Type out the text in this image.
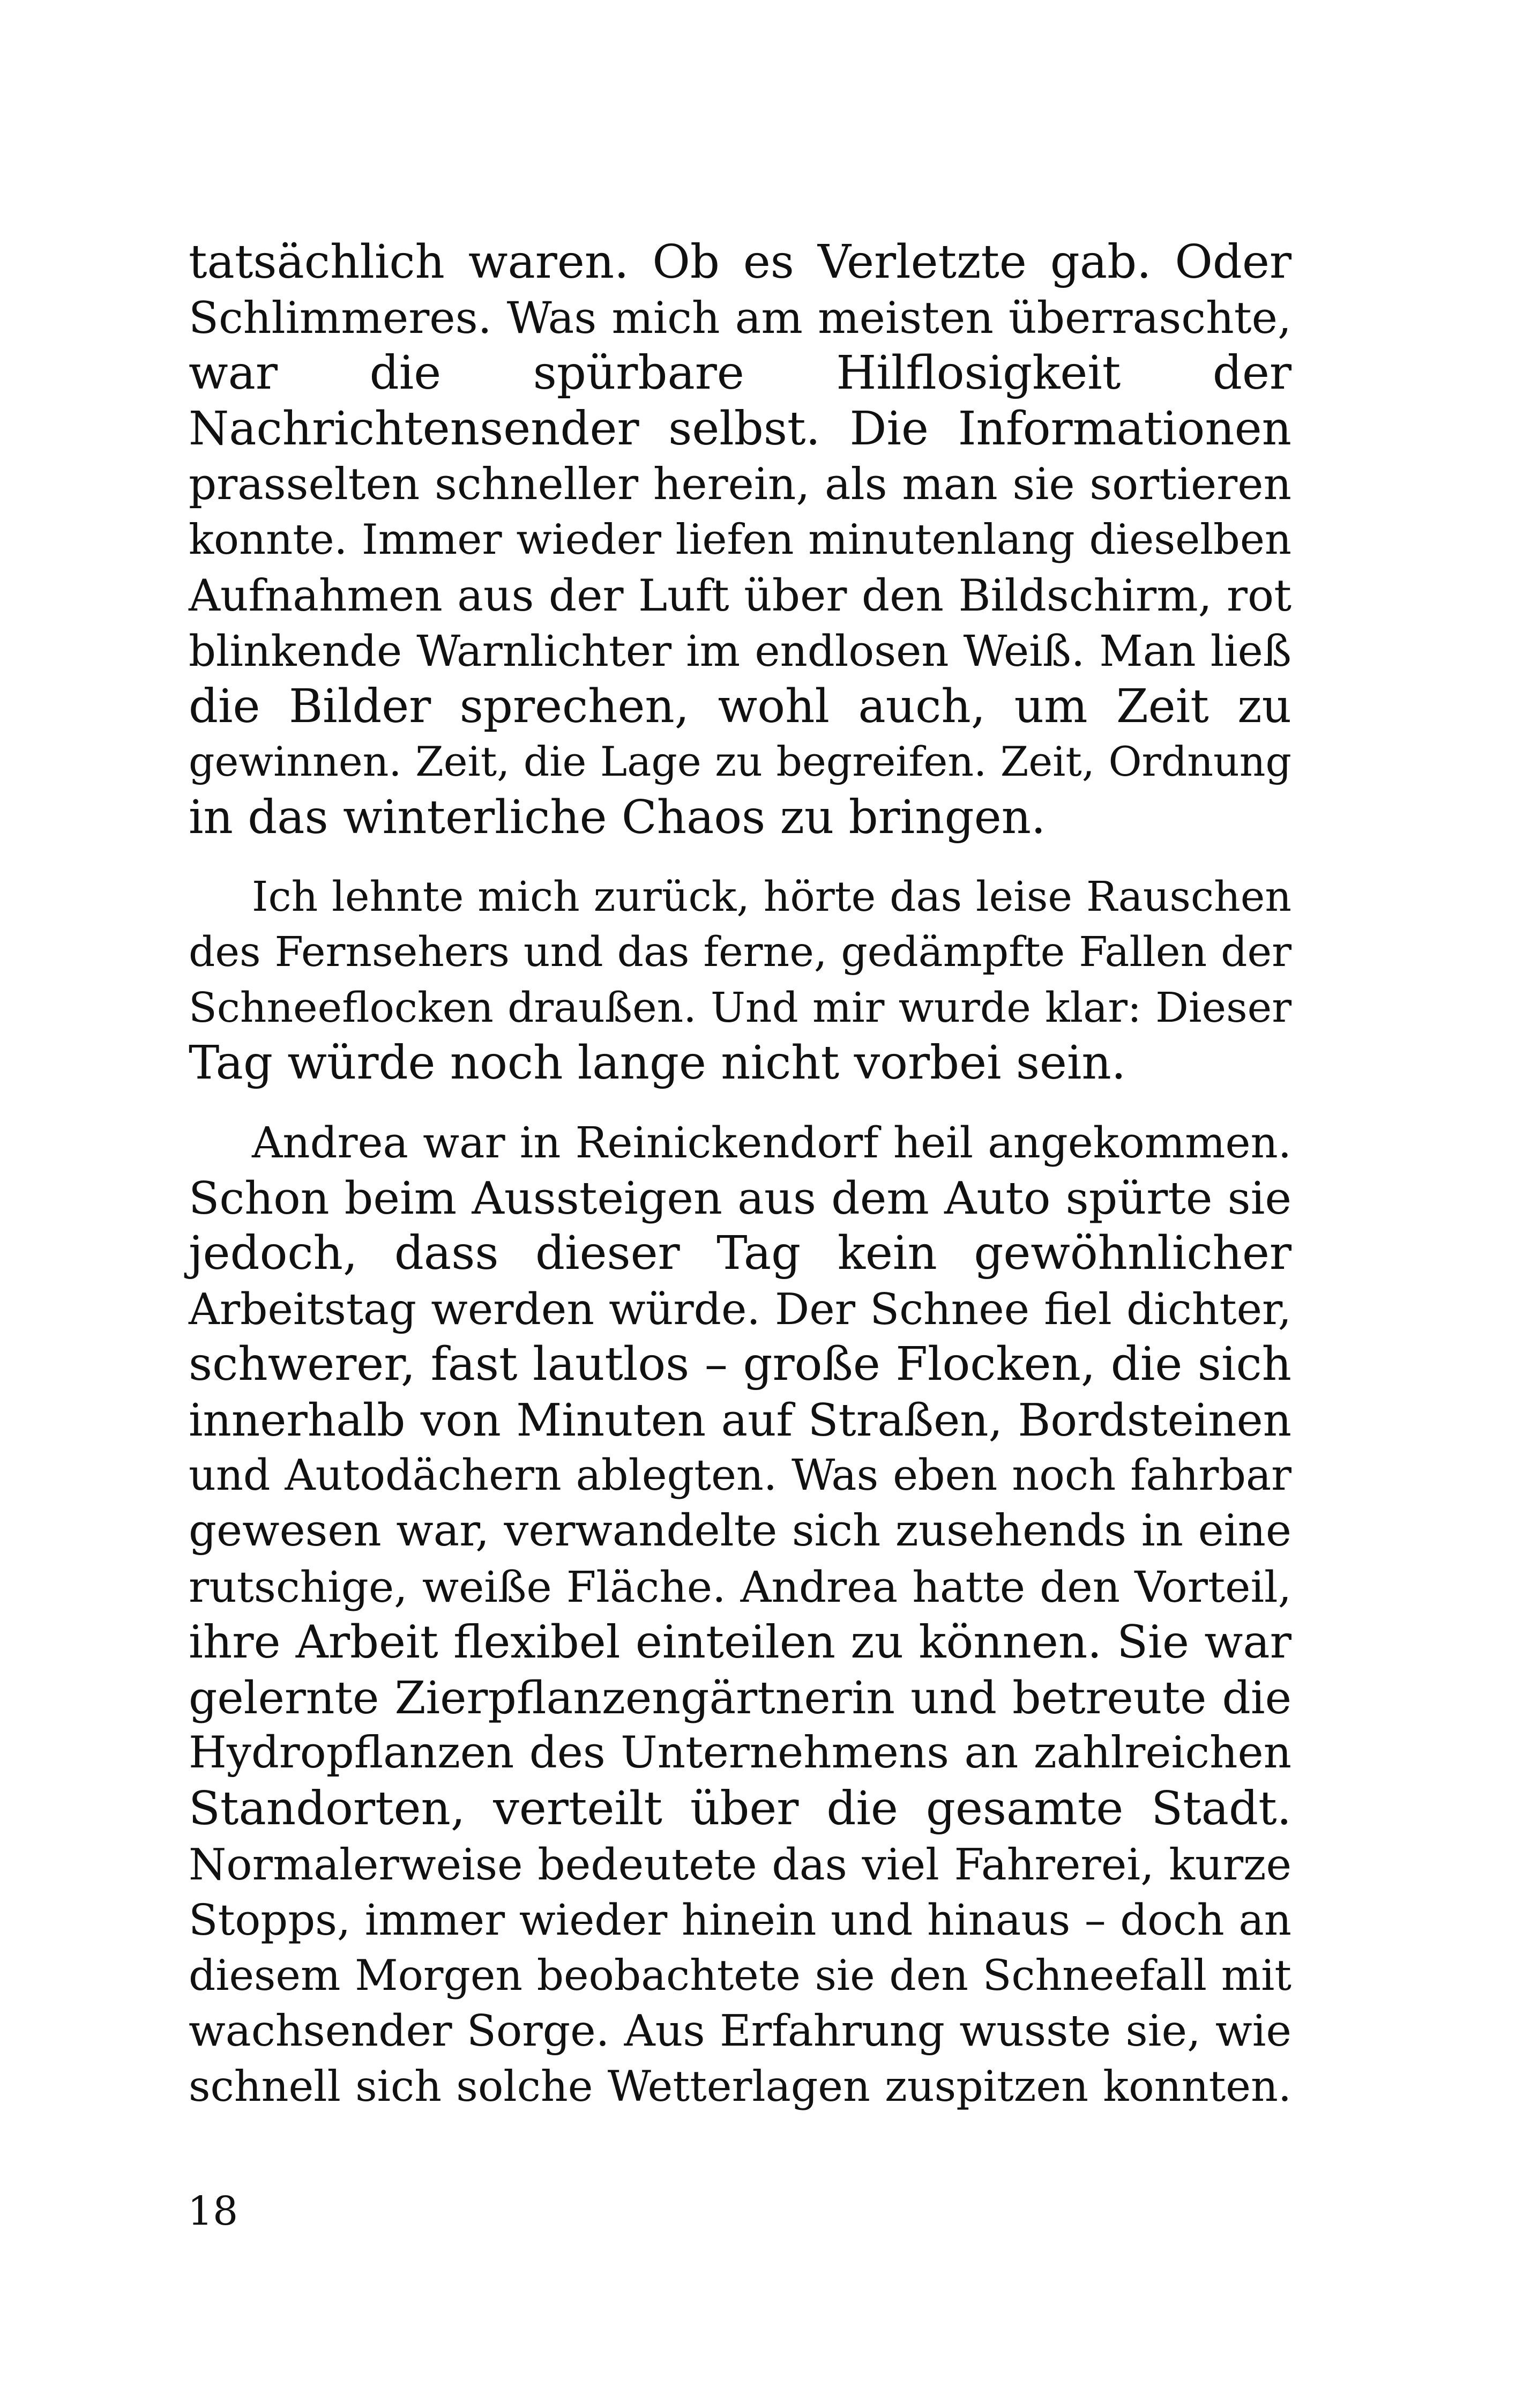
tatsächlich waren. Ob es Verletzte gab. Oder
Schlimmeres. Was mich am meisten überraschte,
war die spürbare Hilflosigkeit der
Nachrichtensender selbst. Die Informationen
prasselten schneller herein, als man sie sortieren
konnte. Immer wieder liefen minutenlang dieselben
Aufnahmen aus der Luft über den Bildschirm, rot
blinkende Warnlichter im endlosen Weiß. Man ließ
die Bilder sprechen, wohl auch, um Zeit zu
gewinnen. Zeit, die Lage zu begreifen. Zeit, Ordnung
in das winterliche Chaos zu bringen.
Ich lehnte mich zurück, hörte das leise Rauschen
des Fernsehers und das ferne, gedämpfte Fallen der
Schneeflocken draußen. Und mir wurde klar: Dieser
Tag würde noch lange nicht vorbei sein.
Andrea war in Reinickendorf heil angekommen.
Schon beim Aussteigen aus dem Auto spürte sie
jedoch, dass dieser Tag kein gewöhnlicher
Arbeitstag werden würde. Der Schnee fiel dichter,
schwerer, fast lautlos – große Flocken, die sich
innerhalb von Minuten auf Straßen, Bordsteinen
und Autodächern ablegten. Was eben noch fahrbar
gewesen war, verwandelte sich zusehends in eine
rutschige, weiße Fläche. Andrea hatte den Vorteil,
ihre Arbeit flexibel einteilen zu können. Sie war
gelernte Zierpflanzengärtnerin und betreute die
Hydropflanzen des Unternehmens an zahlreichen
Standorten, verteilt über die gesamte Stadt.
Normalerweise bedeutete das viel Fahrerei, kurze
Stopps, immer wieder hinein und hinaus – doch an
diesem Morgen beobachtete sie den Schneefall mit
wachsender Sorge. Aus Erfahrung wusste sie, wie
schnell sich solche Wetterlagen zuspitzen konnten.
18
